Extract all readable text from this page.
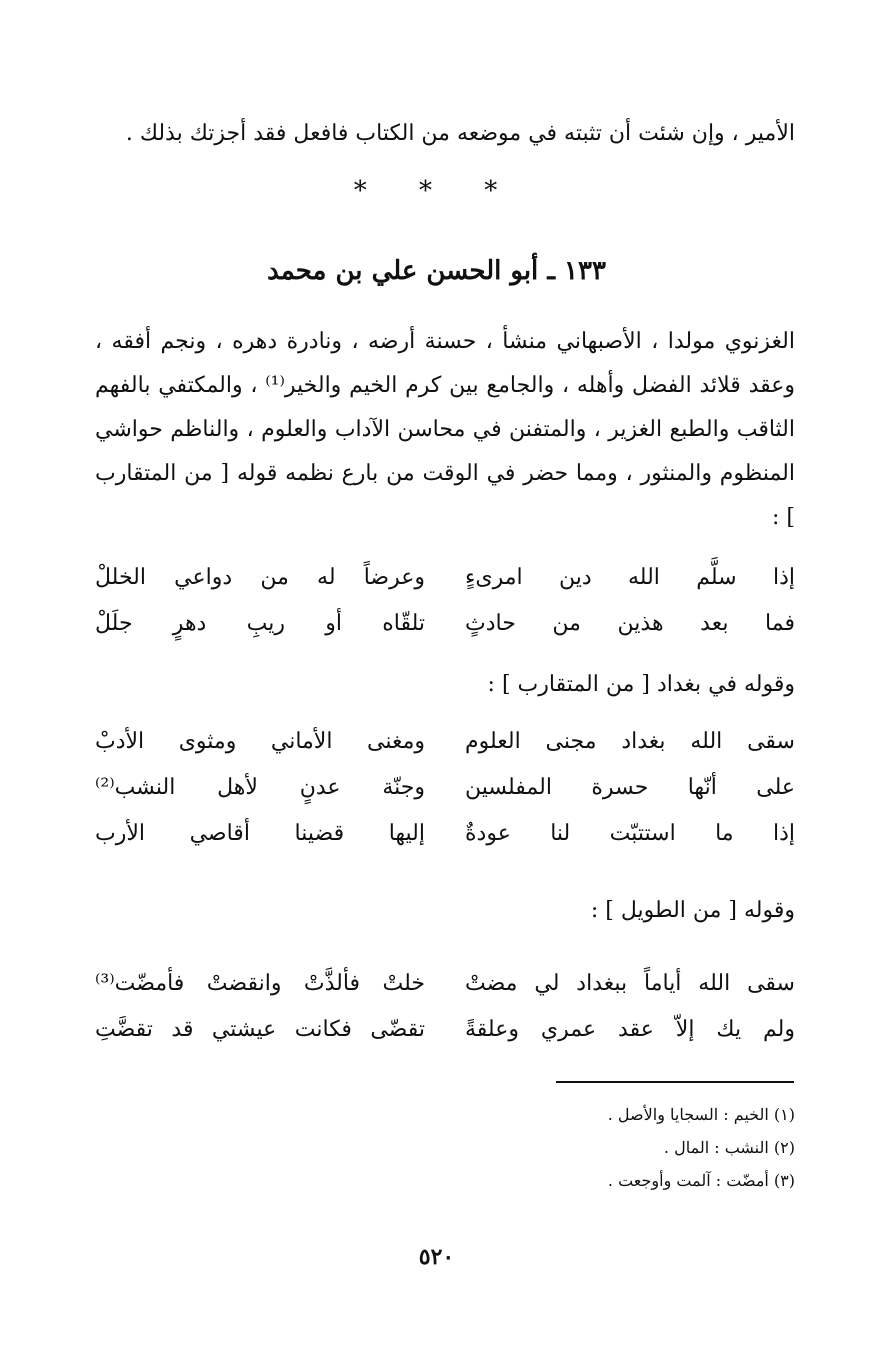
الأمير ، وإن شئت أن تثبته في موضعه من الكتاب فافعل فقد أجزتك بذلك .

* * *
١٣٣ ـ أبو الحسن علي بن محمد

الغزنوي مولدا ، الأصبهاني منشأ ، حسنة أرضه ، ونادرة دهره ، ونجم أفقه ، وعقد قلائد الفضل وأهله ، والجامع بين كرم الخيم والخير⁽¹⁾ ، والمكتفي بالفهم الثاقب والطبع الغزير ، والمتفنن في محاسن الآداب والعلوم ، والناظم حواشي المنظوم والمنثور ، ومما حضر في الوقت من بارع نظمه قوله [ من المتقارب ] :

إذا سلَّم الله دين امرىءٍ
وعرضاً له من دواعي الخللْ
فما بعد هذين من حادثٍ
تلقّاه أو ريبِ دهرٍ جلَلْ

وقوله في بغداد [ من المتقارب ] :

سقى الله بغداد مجنى العلوم
ومغنى الأماني ومثوى الأدبْ
على أنّها حسرة المفلسين
وجنّة عدنٍ لأهل النشب⁽²⁾
إذا ما استتبّت لنا عودةٌ
إليها قضينا أقاصي الأرب

وقوله [ من الطويل ] :

سقى الله أياماً ببغداد لي مضتْ
خلتْ فألذَّتْ وانقضتْ فأمضّت⁽³⁾
ولم يك إلاّ عقد عمري وعلقةً
تقضّى فكانت عيشتي قد تقضَّتِ
(١) الخيم : السجايا والأصل .
(٢) النشب : المال .
(٣) أمضّت : آلمت وأوجعت .

٥٢٠
